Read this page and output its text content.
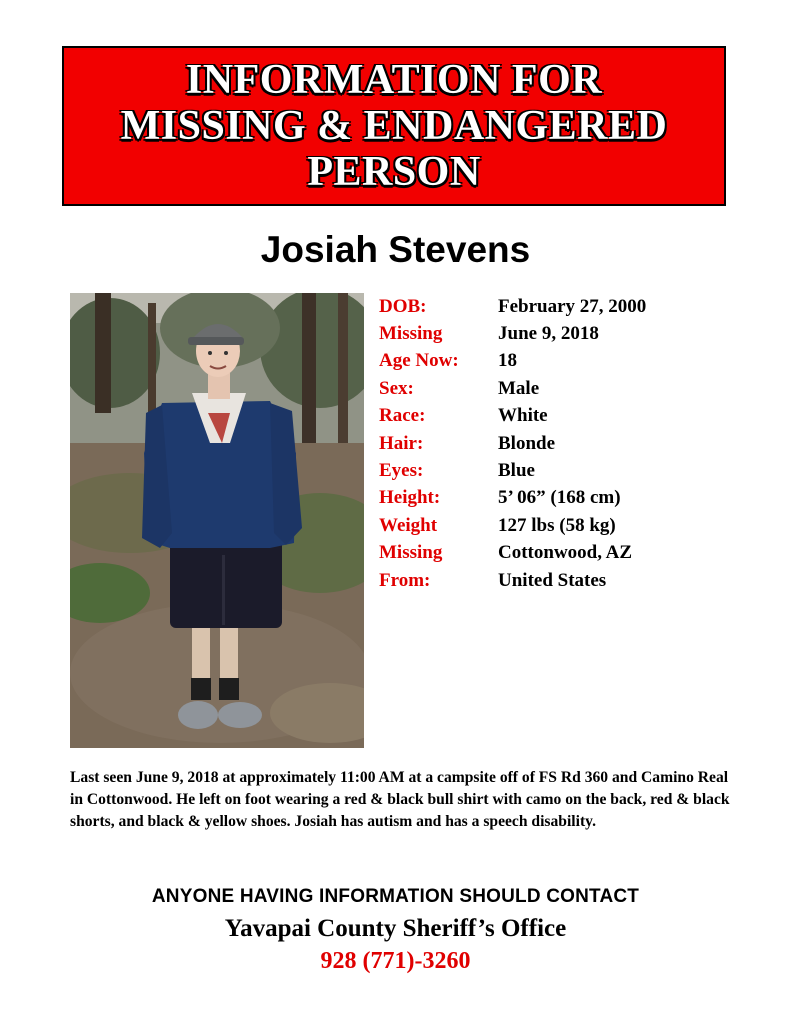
INFORMATION FOR
MISSING & ENDANGERED
PERSON
Josiah Stevens
DOB:	February 27, 2000
Missing	June 9, 2018
Age Now:	18
Sex:	Male
Race:	White
Hair:	Blonde
Eyes:	Blue
Height:	5’ 06” (168 cm)
Weight	127 lbs (58 kg)
Missing	Cottonwood, AZ
From:	United States
Last seen June 9, 2018 at approximately 11:00 AM at a campsite off of FS Rd 360 and Camino Real in Cottonwood. He left on foot wearing a red & black bull shirt with camo on the back, red & black shorts, and black & yellow shoes. Josiah has autism and has a speech disability.
ANYONE HAVING INFORMATION SHOULD CONTACT
Yavapai County Sheriff’s Office
928 (771)-3260
